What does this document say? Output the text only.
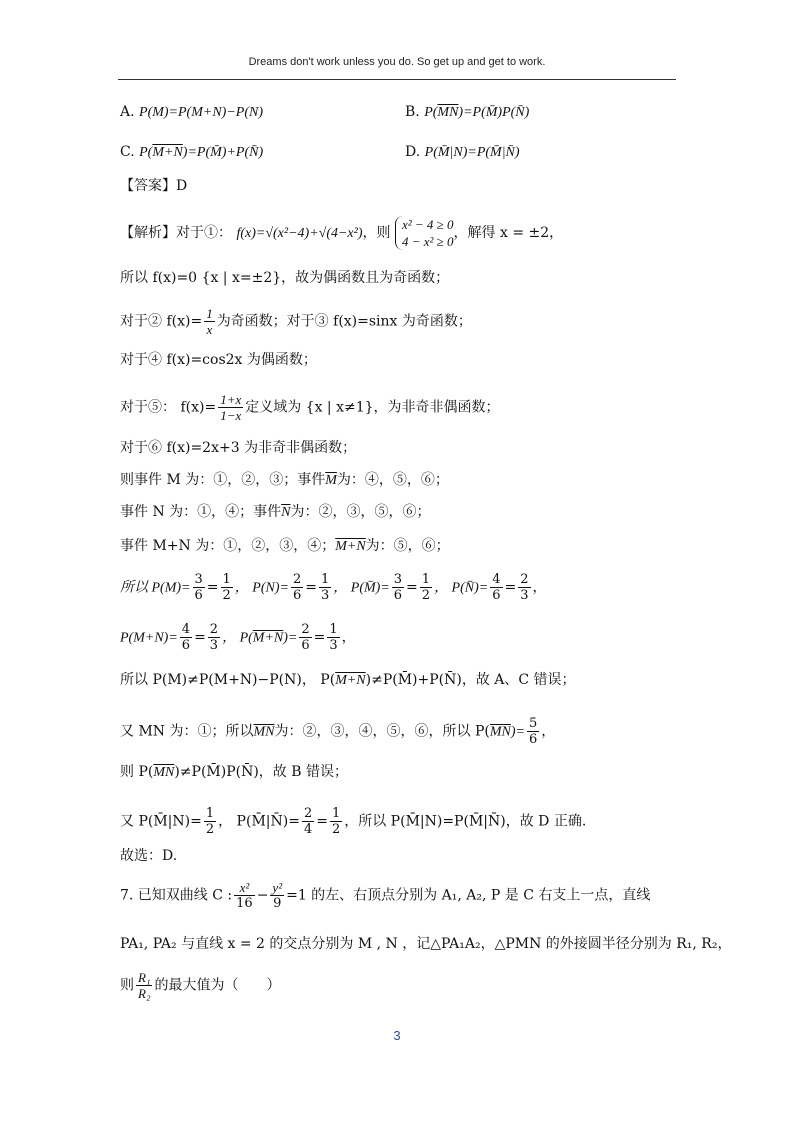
Dreams don't work unless you do. So get up and get to work.
A. P(M)=P(M+N)−P(N)	B. $P(\overline{MN})=P(M̄)P(N̄)$
C. P(M+N)=P(M̄)+P(N̄)	D. P(M̄|N)=P(M̄|N̄)
【答案】D
【解析】对于①： f(x)=√(x²−4)+√(4−x²)，则
x² − 4 ≥ 0
4 − x² ≥ 0
，解得 x = ±2，
所以 f(x)=0 {x | x=±2}，故为偶函数且为奇函数；
对于② $f(x)= \frac{1}{x}$ 为奇函数；对于③ f(x)=sinx 为奇函数；
对于④ f(x)=cos2x 为偶函数；
对于⑤： $f(x)= \frac{1+x}{1-x}$ 定义域为 {x | x≠1}，为非奇非偶函数；
对于⑥ f(x)=2x+3 为非奇非偶函数；
则事件 M 为：①，②，③；事件$\overline{M}$为：④，⑤，⑥；
事件 N 为：①，④；事件$\overline{N}$为：②，③，⑤，⑥；
事件 M+N 为：①，②，③，④；M+N为：⑤，⑥；
所以 $P(M)= \frac{3}{6} = \frac{1}{2}$ ， $P(N)= \frac{2}{6} = \frac{1}{3}$ ， P(M̄)= $\frac{3}{6} = \frac{1}{2}$ ， P(N̄)= $\frac{4}{6} = \frac{2}{3}$ ，
$P(M+N)= \frac{4}{6} = \frac{2}{3}$ ， $P(M+N)= \frac{2}{6} = \frac{1}{3}$ ，
所以 P(M)≠P(M+N)−P(N)， P(M+N)≠P(M̄)+P(N̄)，故 A、C 错误；
又 MN 为：①；所以$\overline{MN}$为：②，③，④，⑤，⑥，所以 $P(\overline{MN})= \frac{5}{6}$ ，
则 $P(\overline{MN})\ne P(M̄)P(N̄)$，故 B 错误；
又 P(M̄|N)= $\frac{1}{2}$ ， P(M̄|N̄)= $\frac{2}{4} = \frac{1}{2}$ ，所以 P(M̄|N)=P(M̄|N̄)，故 D 正确.
故选：D.
7. 已知双曲线 C : $\frac{\text{x²}}{16} - \frac{\text{y²}}{9} =1$ 的左、右顶点分别为 A₁, A₂, P 是 C 右支上一点，直线
PA₁, PA₂ 与直线 x = 2 的交点分别为 M , N ，记△PA₁A₂，△PMN 的外接圆半径分别为 R₁, R₂，
则 $\frac{\text{R₁}}{\text{R₂}}$ 的最大值为（　　）
3
